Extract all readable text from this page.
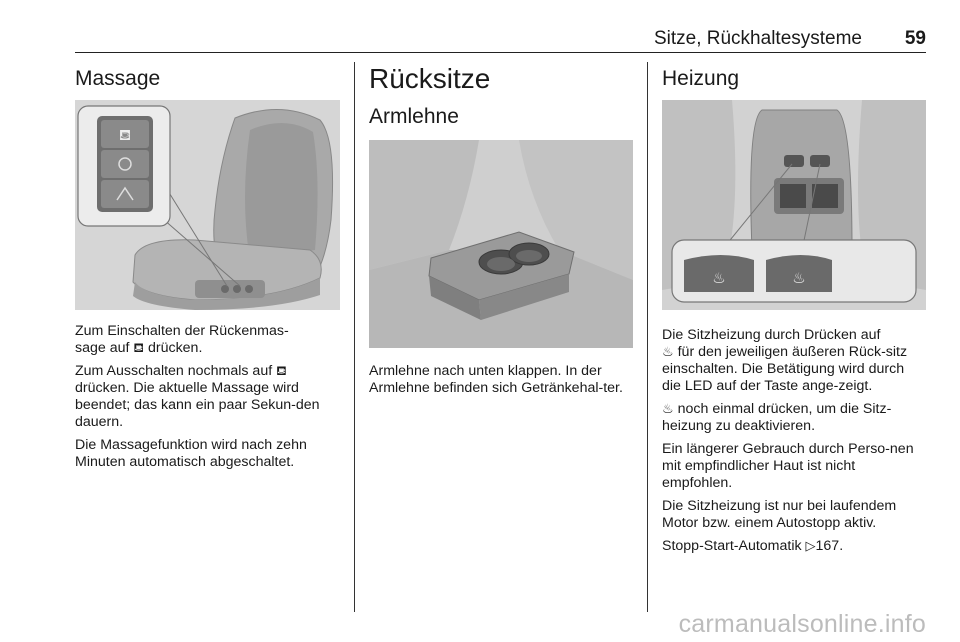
Sitze, Rückhaltesysteme 59
Massage
⛾

Zum Einschalten der Rückenmas-
sage auf ⛾ drücken.

Zum Ausschalten nochmals auf ⛾ drücken. Die aktuelle Massage wird beendet; das kann ein paar Sekun-den dauern.

Die Massagefunktion wird nach zehn Minuten automatisch abgeschaltet.

Rücksitze
Armlehne

Armlehne nach unten klappen. In der Armlehne befinden sich Getränkehal-ter.

Heizung
♨	♨

Die Sitzheizung durch Drücken auf
♨ für den jeweiligen äußeren Rück-sitz einschalten. Die Betätigung wird durch die LED auf der Taste ange-zeigt.

♨ noch einmal drücken, um die Sitz-heizung zu deaktivieren.

Ein längerer Gebrauch durch Perso-nen mit empfindlicher Haut ist nicht empfohlen.

Die Sitzheizung ist nur bei laufendem Motor bzw. einem Autostopp aktiv.

Stopp-Start-Automatik ▷167.

carmanualsonline.info
